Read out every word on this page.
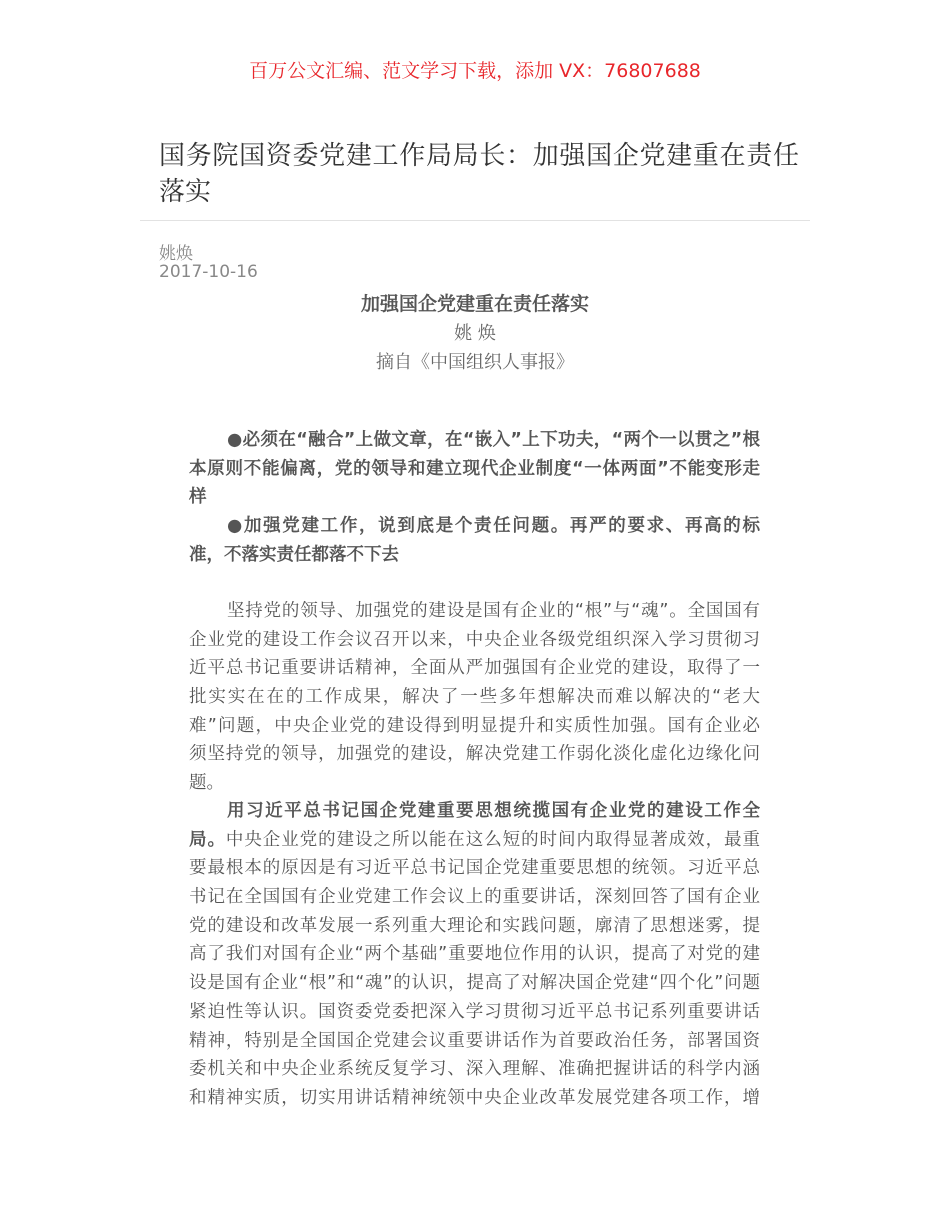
百万公文汇编、范文学习下载，添加 VX：76807688
国务院国资委党建工作局局长：加强国企党建重在责任
落实
姚焕
2017-10-16
加强国企党建重在责任落实
姚 焕
摘自《中国组织人事报》
●必须在“融合”上做文章，在“嵌入”上下功夫，“两个一以贯之”根
本原则不能偏离，党的领导和建立现代企业制度“一体两面”不能变形走
样
●加强党建工作，说到底是个责任问题。再严的要求、再高的标
准，不落实责任都落不下去
坚持党的领导、加强党的建设是国有企业的“根”与“魂”。全国国有
企业党的建设工作会议召开以来，中央企业各级党组织深入学习贯彻习
近平总书记重要讲话精神，全面从严加强国有企业党的建设，取得了一
批实实在在的工作成果，解决了一些多年想解决而难以解决的“老大
难”问题，中央企业党的建设得到明显提升和实质性加强。国有企业必
须坚持党的领导，加强党的建设，解决党建工作弱化淡化虚化边缘化问
题。
用习近平总书记国企党建重要思想统揽国有企业党的建设工作全
局。中央企业党的建设之所以能在这么短的时间内取得显著成效，最重
要最根本的原因是有习近平总书记国企党建重要思想的统领。习近平总
书记在全国国有企业党建工作会议上的重要讲话，深刻回答了国有企业
党的建设和改革发展一系列重大理论和实践问题，廓清了思想迷雾，提
高了我们对国有企业“两个基础”重要地位作用的认识，提高了对党的建
设是国有企业“根”和“魂”的认识，提高了对解决国企党建“四个化”问题
紧迫性等认识。国资委党委把深入学习贯彻习近平总书记系列重要讲话
精神，特别是全国国企党建会议重要讲话作为首要政治任务，部署国资
委机关和中央企业系统反复学习、深入理解、准确把握讲话的科学内涵
和精神实质，切实用讲话精神统领中央企业改革发展党建各项工作，增
